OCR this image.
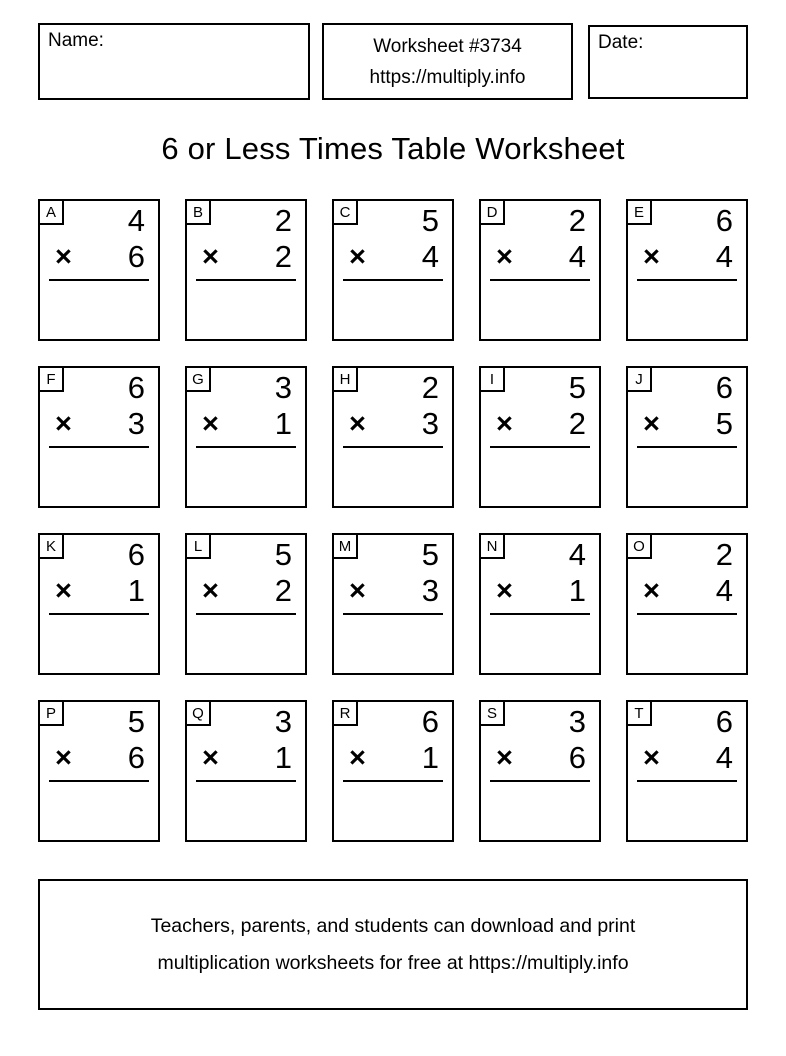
Name:	Worksheet #3734
https://multiply.info
Date:
6 or Less Times Table Worksheet
A	4
× 6
B	2
× 2
C	5
× 4
D	2
× 4
E	6
× 4
F	6
× 3
G	3
× 1
H	2
× 3
I	5
× 2
J	6
× 5
K	6
× 1
L	5
× 2
M	5
× 3
N	4
× 1
O	2
× 4
P	5
× 6
Q	3
× 1
R	6
× 1
S	3
× 6
T	6
× 4
Teachers, parents, and students can download and print
multiplication worksheets for free at https://multiply.info
